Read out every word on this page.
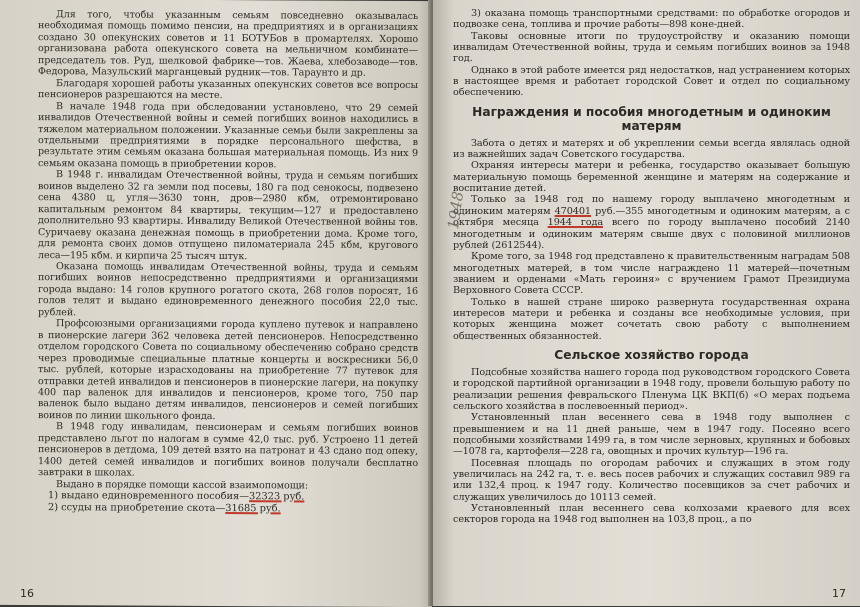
Для того, чтобы указанным семьям повседневно оказывалась необходимая помощь помимо пенсии, на предприятиях и в организациях создано 30 опекунских советов и 11 БОТУБов в промартелях. Хорошо организована работа опекунского совета на мельничном комбинате—председатель тов. Руд, шелковой фабрике—тов. Жаева, хлебозаводе—тов. Федорова, Мазульский марганцевый рудник—тов. Тараунто и др.

Благодаря хорошей работы указанных опекунских советов все вопросы пенсионеров разрешаются на месте.

В начале 1948 года при обследовании установлено, что 29 семей инвалидов Отечественной войны и семей погибших воинов находились в тяжелом материальном положении. Указанные семьи были закреплены за отдельными предприятиями в порядке персонального шефства, в результате этим семьям оказана большая материальная помощь. Из них 9 семьям оказана помощь в приобретении коров.

В 1948 г. инвалидам Отечественной войны, труда и семьям погибших воинов выделено 32 га земли под посевы, 180 га под сенокосы, подвезено сена 4380 ц, угля—3630 тонн, дров—2980 кбм, отремонтировано капитальным ремонтом 84 квартиры, текущим—127 и предоставлено дополнительно 93 квартиры. Инвалиду Великой Отечественной войны тов. Суричаеву оказана денежная помощь в приобретении дома. Кроме того, для ремонта своих домов отпущено пиломатериала 245 кбм, кругового леса—195 кбм. и кирпича 25 тысяч штук.

Оказана помощь инвалидам Отечественной войны, труда и семьям погибших воинов непосредственно предприятиями и организациями города выдано: 14 голов крупного рогатого скота, 268 голов поросят, 16 голов телят и выдано единовременного денежного пособия 22,0 тыс. рублей.

Профсоюзными организациями города куплено путевок и направлено в пионерские лагери 362 человека детей пенсионеров. Непосредственно отделом городского Совета по социальному обеспечению собрано средств через проводимые специальные платные концерты и воскресники 56,0 тыс. рублей, которые израсходованы на приобретение 77 путевок для отправки детей инвалидов и пенсионеров в пионерские лагери, на покупку 400 пар валенок для инвалидов и пенсионеров, кроме того, 750 пар валенок было выдано детям инвалидов, пенсионеров и семей погибших воинов по линии школьного фонда.

В 1948 году инвалидам, пенсионерам и семьям погибших воинов представлено льгот по налогам в сумме 42,0 тыс. руб. Устроено 11 детей пенсионеров в детдома, 109 детей взято на патронат и 43 сдано под опеку, 1400 детей семей инвалидов и погибших воинов получали бесплатно завтраки в школах.

Выдано в порядке помощи кассой взаимопомощи:

1) выдано единовременного пособия—32323 руб.
2) ссуды на приобретение скота—31685 руб.
16

3) оказана помощь транспортными средствами: по обработке огородов и подвозке сена, топлива и прочие работы—898 коне-дней.

Таковы основные итоги по трудоустройству и оказанию помощи инвалидам Отечественной войны, труда и семьям погибших воинов за 1948 год.

Однако в этой работе имеется ряд недостатков, над устранением которых в настоящее время и работает городской Совет и отдел по социальному обеспечению.

Награждения и пособия многодетным и одиноким матерям

Забота о детях и матерях и об укреплении семьи всегда являлась одной из важнейших задач Советского государства.

Охраняя интересы матери и ребенка, государство оказывает большую материальную помощь беременной женщине и матерям на содержание и воспитание детей.

Только за 1948 год по нашему городу выплачено многодетным и одиноким матерям 470401 руб.—355 многодетным и одиноким матерям, а с октября месяца 1944 года всего по городу выплачено пособий 2140 многодетным и одиноким матерям свыше двух с половиной миллионов рублей (2612544).

Кроме того, за 1948 год представлено к правительственным наградам 508 многодетных матерей, в том числе награждено 11 матерей—почетным званием и орденами «Мать героиня» с вручением Грамот Президиума Верховного Совета СССР.

Только в нашей стране широко развернута государственная охрана интересов матери и ребенка и созданы все необходимые условия, при которых женщина может сочетать свою работу с выполнением общественных обязанностей.

Сельское хозяйство города

Подсобные хозяйства нашего города под руководством городского Совета и городской партийной организации в 1948 году, провели большую работу по реализации решения февральского Пленума ЦК ВКП(б) «О мерах подъема сельского хозяйства в послевоенный период».

Установленный план весеннего сева в 1948 году выполнен с превышением и на 11 дней раньше, чем в 1947 году. Посеяно всего подсобными хозяйствами 1499 га, в том числе зерновых, крупяных и бобовых—1078 га, картофеля—228 га, овощных и прочих культур—196 га.

Посевная площадь по огородам рабочих и служащих в этом году увеличилась на 242 га, т. е. весь посев рабочих и служащих составил 989 га или 132,4 проц. к 1947 году. Количество посевщиков за счет рабочих и служащих увеличилось до 10113 семей.

Установленный план весеннего сева колхозами краевого для всех секторов города на 1948 год выполнен на 103,8 проц., а по

17
1948
